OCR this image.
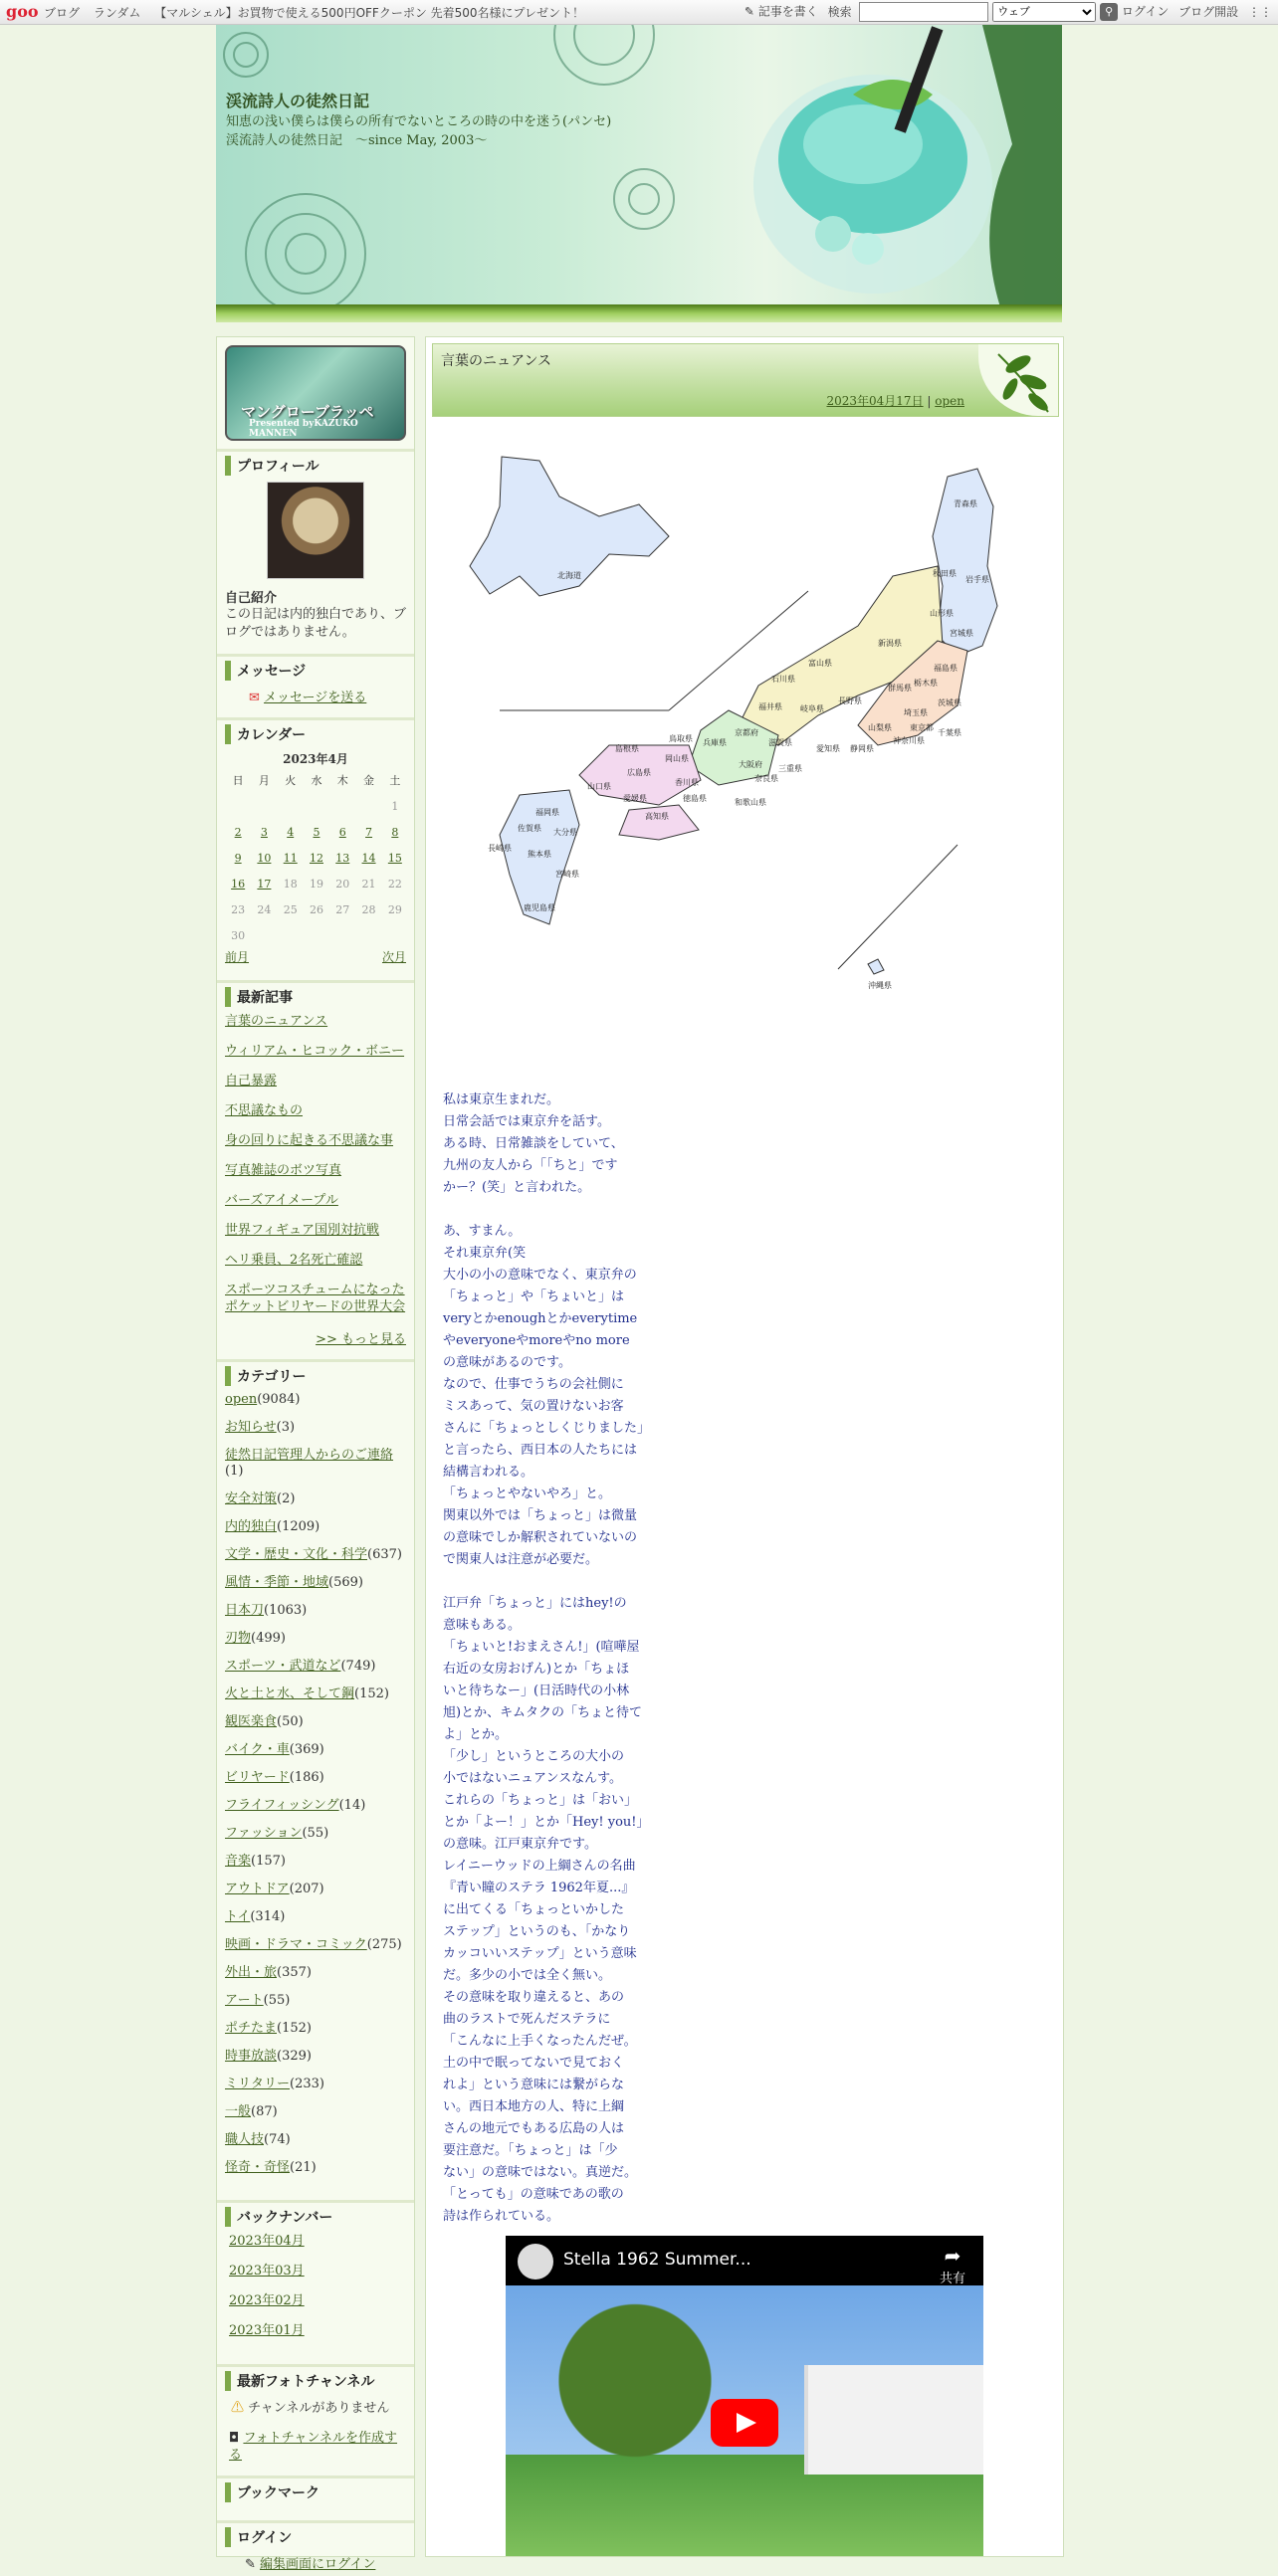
goo ブログ ランダム 【マルシェル】お買物で使える500円OFFクーポン 先着500名様にプレゼント！	✎ 記事を書く 検索
ウェブ	⚲ ログイン ブログ開設 ⋮⋮
渓流詩人の徒然日記
知恵の浅い僕らは僕らの所有でないところの時の中を迷う(パンセ)　渓流詩人の徒然日記　～since May, 2003～
マングローブラッペ
Presented byKAZUKO MANNEN
プロフィール
自己紹介
この日記は内的独白であり、ブログではありません。
メッセージ
✉ メッセージを送る
カレンダー
2023年4月
日	月	火	水	木	金	土
						1
2	3	4	5	6	7	8
9	10	11	12	13	14	15
16	17	18	19	20	21	22
23	24	25	26	27	28	29
30						
前月	次月
最新記事
言葉のニュアンス
ウィリアム・ヒコック・ボニー
自己暴露
不思議なもの
身の回りに起きる不思議な事
写真雑誌のボツ写真
バーズアイメープル
世界フィギュア国別対抗戦
ヘリ乗員、2名死亡確認
スポーツコスチュームになったポケットビリヤードの世界大会
>> もっと見る
カテゴリー
open(9084)
お知らせ(3)
徒然日記管理人からのご連絡(1)
安全対策(2)
内的独白(1209)
文学・歴史・文化・科学(637)
風情・季節・地域(569)
日本刀(1063)
刃物(499)
スポーツ・武道など(749)
火と土と水、そして鋼(152)
観医楽食(50)
バイク・車(369)
ビリヤード(186)
フライフィッシング(14)
ファッション(55)
音楽(157)
アウトドア(207)
トイ(314)
映画・ドラマ・コミック(275)
外出・旅(357)
アート(55)
ポチたま(152)
時事放談(329)
ミリタリー(233)
一般(87)
職人技(74)
怪奇・奇怪(21)
バックナンバー
2023年04月
2023年03月
2023年02月
2023年01月
最新フォトチャンネル
⚠ チャンネルがありません
◘ フォトチャンネルを作成する
ブックマーク
ログイン
✎ 編集画面にログイン
言葉のニュアンス
2023年04月17日 | open
北海道
青森県
岩手県
秋田県
宮城県
山形県
福島県
新潟県
栃木県
茨城県
群馬県
埼玉県
東京都
千葉県
神奈川県
山梨県
長野県
富山県
石川県
福井県 岐阜県
静岡県
愛知県
三重県
滋賀県
京都府
大阪府
兵庫県
奈良県
和歌山県
鳥取県
島根県
岡山県
広島県
山口県
徳島県
香川県
愛媛県
高知県
福岡県
佐賀県
長崎県
熊本県
大分県
宮崎県
鹿児島県
沖縄県

私は東京生まれだ。

日常会話では東京弁を話す。

ある時、日常雑談をしていて、

九州の友人から「「ちと」です

かー？(笑」と言われた。

あ、すまん。

それ東京弁(笑

大小の小の意味でなく、東京弁の

「ちょっと」や「ちょいと」は

veryとかenoughとかeverytime

やeveryoneやmoreやno more

の意味があるのです。

なので、仕事でうちの会社側に

ミスあって、気の置けないお客

さんに「ちょっとしくじりました」

と言ったら、西日本の人たちには

結構言われる。

「ちょっとやないやろ」と。

関東以外では「ちょっと」は微量

の意味でしか解釈されていないの

で関東人は注意が必要だ。

江戸弁「ちょっと」にはhey!の

意味もある。

「ちょいと!おまえさん!」(喧嘩屋

右近の女房おげん)とか「ちょほ

いと待ちなー」(日活時代の小林

旭)とか、キムタクの「ちょと待て

よ」とか。

「少し」というところの大小の

小ではないニュアンスなんす。

これらの「ちょっと」は「おい」

とか「よー！」とか「Hey! you!」

の意味。江戸東京弁です。

レイニーウッドの上綱さんの名曲

『青い瞳のステラ 1962年夏...』

に出てくる「ちょっといかした

ステップ」というのも、「かなり

カッコいいステップ」という意味

だ。多少の小では全く無い。

その意味を取り違えると、あの

曲のラストで死んだステラに

「こんなに上手くなったんだぜ。

土の中で眠ってないで見ておく

れよ」という意味には繋がらな

い。西日本地方の人、特に上綱

さんの地元でもある広島の人は

要注意だ。「ちょっと」は「少

ない」の意味ではない。真逆だ。

「とっても」の意味であの歌の

詩は作られている。

Stella 1962 Summer...	➦
共有
